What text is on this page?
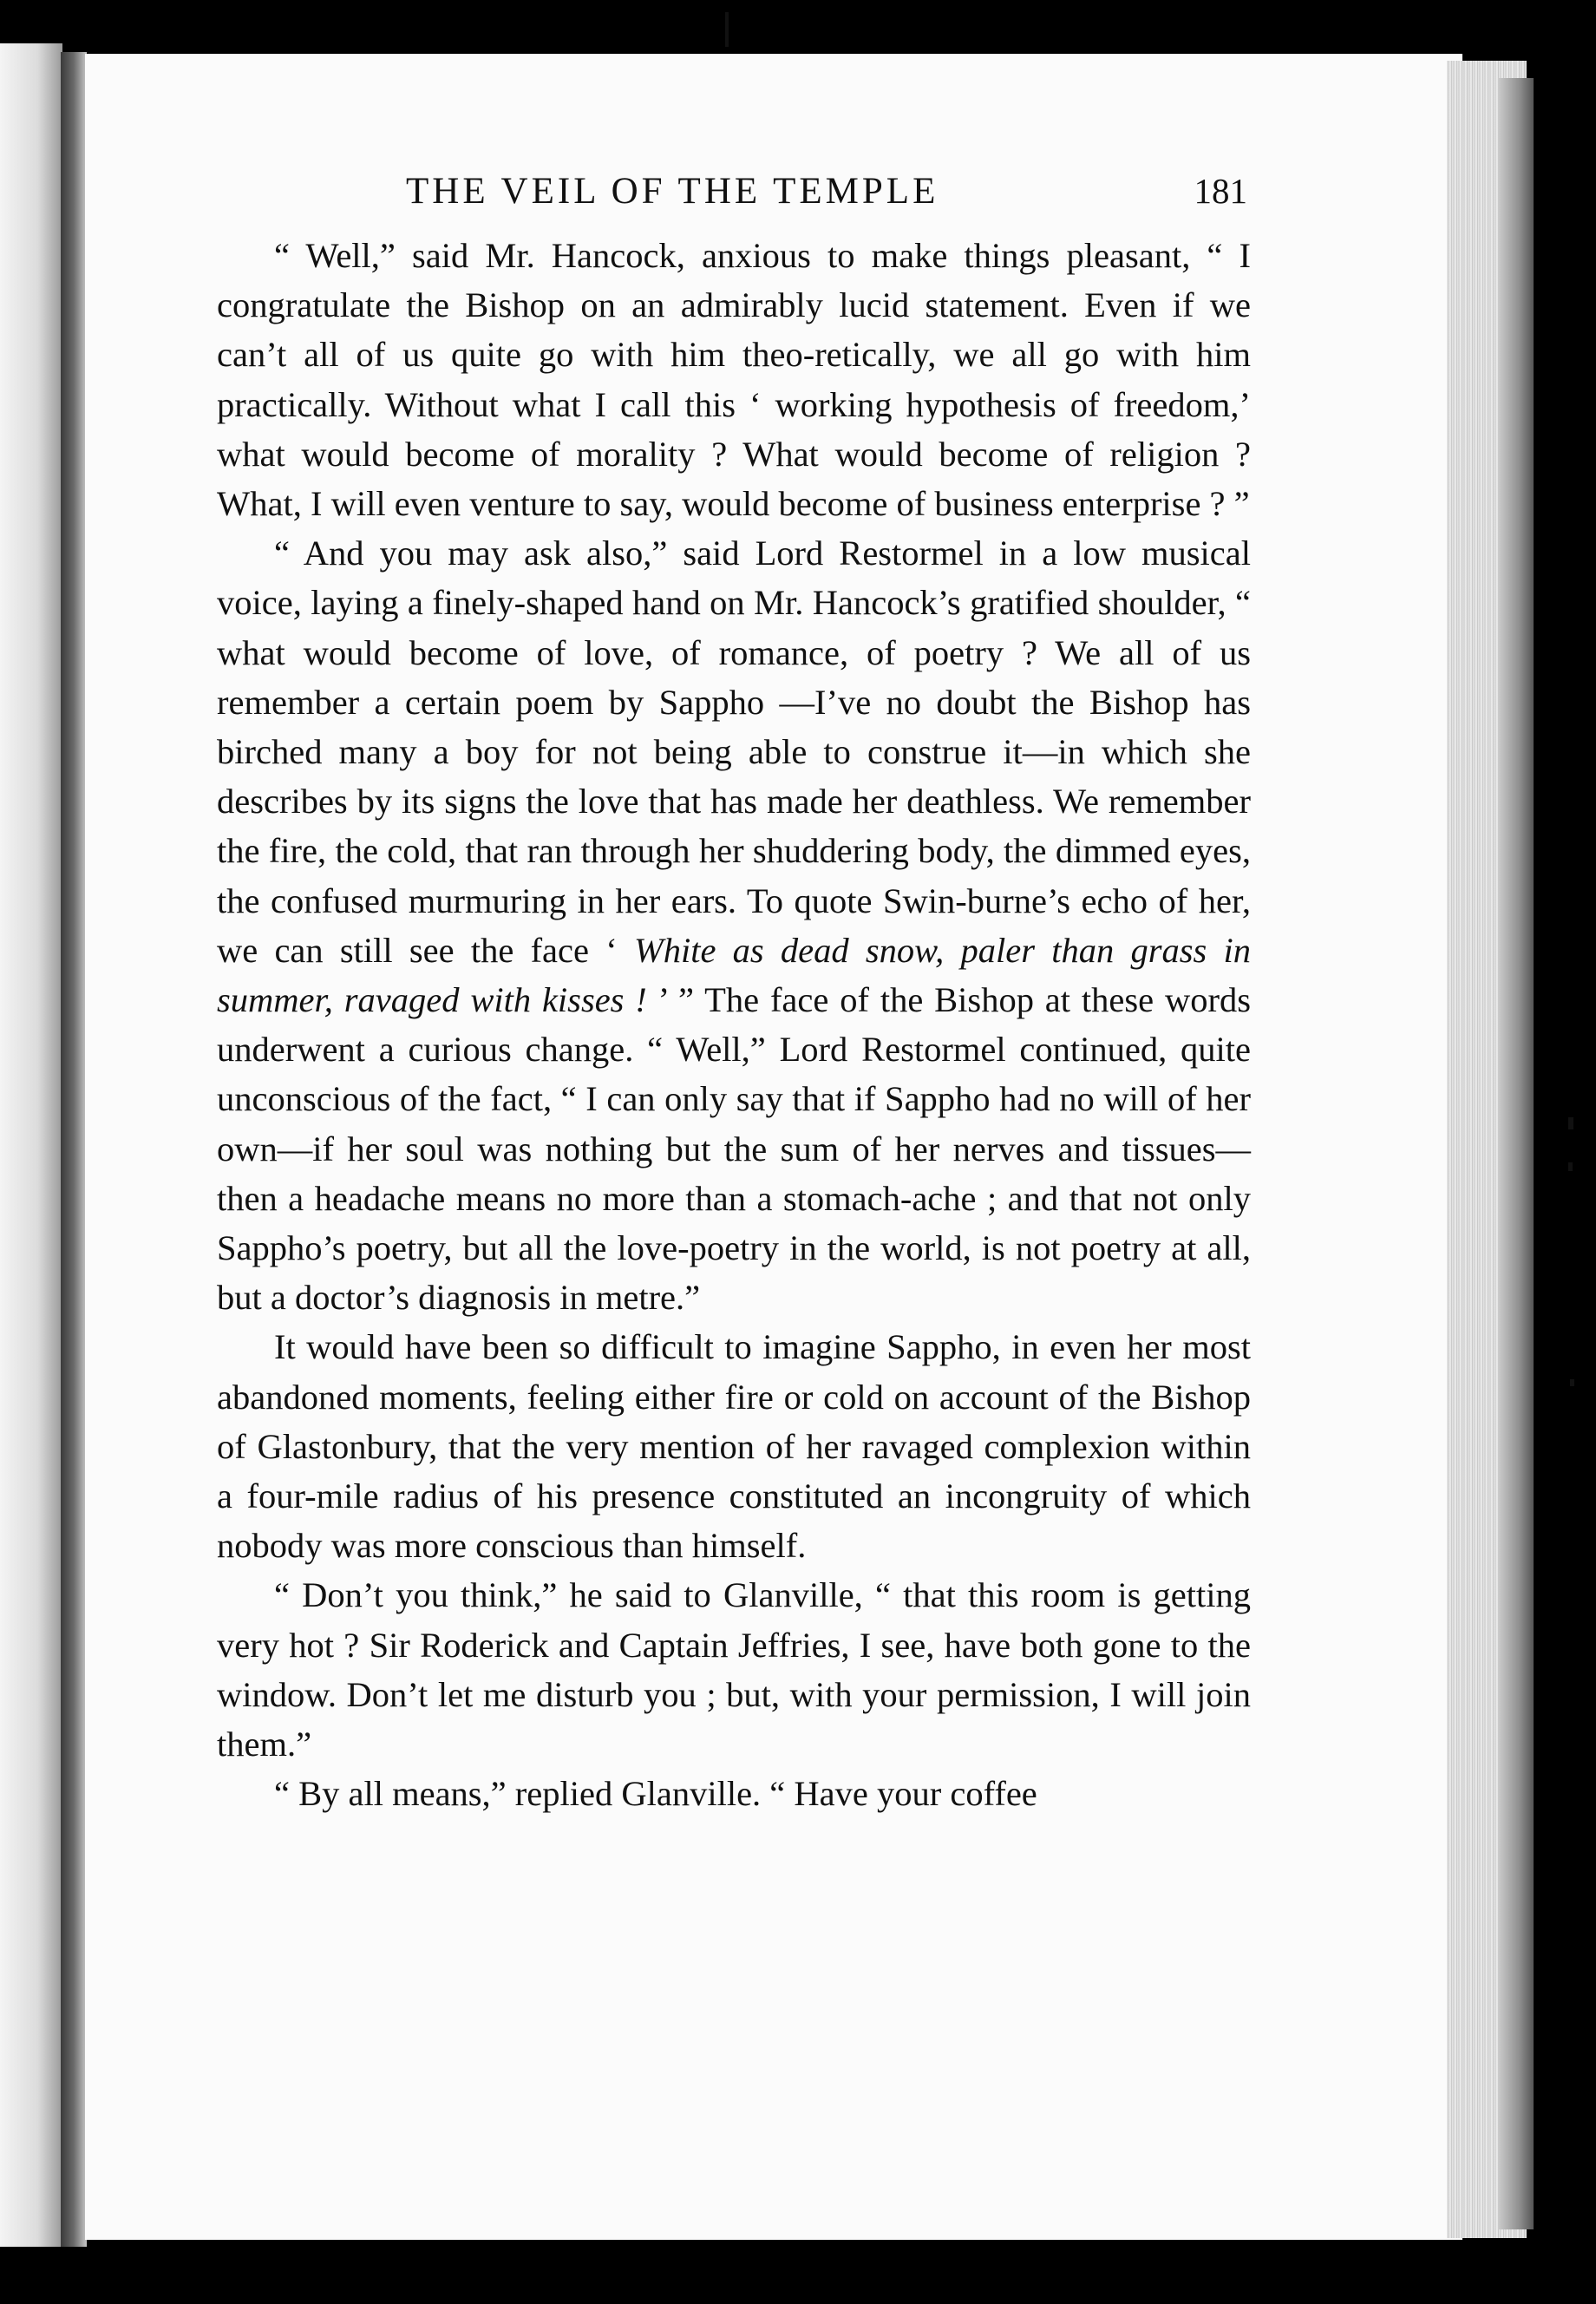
THE VEIL OF THE TEMPLE	181

“ Well,” said Mr. Hancock, anxious to make things pleasant, “ I congratulate the Bishop on an admirably lucid statement. Even if we can’t all of us quite go with him theo-retically, we all go with him practically. Without what I call this ‘ working hypothesis of freedom,’ what would become of morality ? What would become of religion ? What, I will even venture to say, would become of business enterprise ? ”

“ And you may ask also,” said Lord Restormel in a low musical voice, laying a finely-shaped hand on Mr. Hancock’s gratified shoulder, “ what would become of love, of romance, of poetry ? We all of us remember a certain poem by Sappho —I’ve no doubt the Bishop has birched many a boy for not being able to construe it—in which she describes by its signs the love that has made her deathless. We remember the fire, the cold, that ran through her shuddering body, the dimmed eyes, the confused murmuring in her ears. To quote Swin-burne’s echo of her, we can still see the face ‘ White as dead snow, paler than grass in summer, ravaged with kisses ! ’ ” The face of the Bishop at these words underwent a curious change. “ Well,” Lord Restormel continued, quite unconscious of the fact, “ I can only say that if Sappho had no will of her own—if her soul was nothing but the sum of her nerves and tissues— then a headache means no more than a stomach-ache ; and that not only Sappho’s poetry, but all the love-poetry in the world, is not poetry at all, but a doctor’s diagnosis in metre.”

It would have been so difficult to imagine Sappho, in even her most abandoned moments, feeling either fire or cold on account of the Bishop of Glastonbury, that the very mention of her ravaged complexion within a four-mile radius of his presence constituted an incongruity of which nobody was more conscious than himself.

“ Don’t you think,” he said to Glanville, “ that this room is getting very hot ? Sir Roderick and Captain Jeffries, I see, have both gone to the window. Don’t let me disturb you ; but, with your permission, I will join them.”

“ By all means,” replied Glanville. “ Have your coffee
